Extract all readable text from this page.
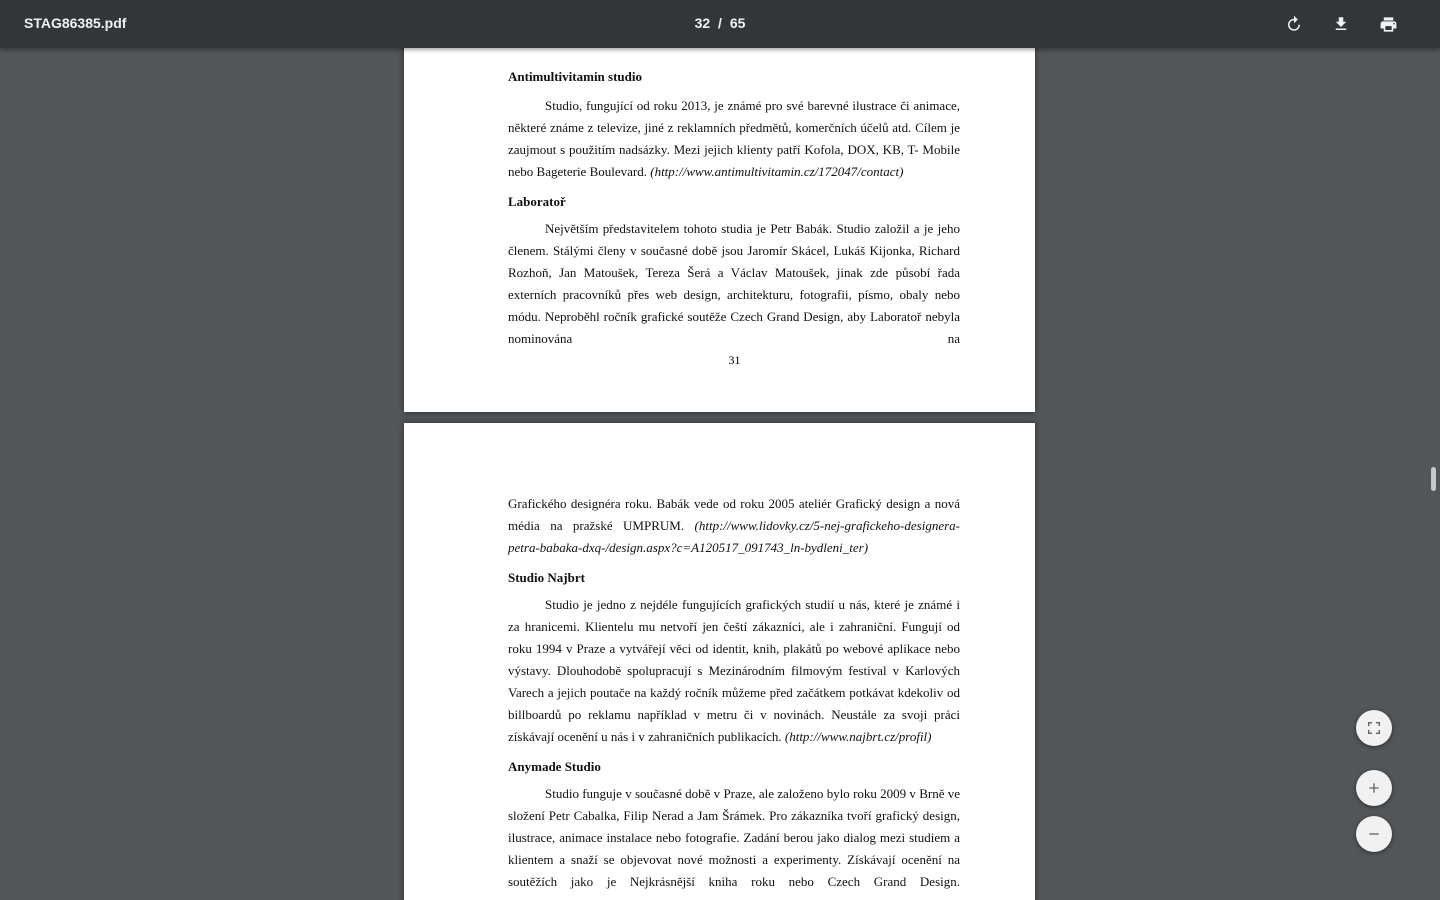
STAG86385.pdf	32 / 65

Antimultivitamin studio

Studio, fungující od roku 2013, je známé pro své barevné ilustrace či animace, některé známe z televize, jiné z reklamních předmětů, komerčních účelů atd. Cílem je zaujmout s použitím nadsázky. Mezi jejich klienty patří Kofola, DOX, KB, T- Mobile nebo Bageterie Boulevard. (http://www.antimultivitamin.cz/172047/contact)

Laboratoř

Největším představitelem tohoto studia je Petr Babák. Studio založil a je jeho členem. Stálými členy v současné době jsou Jaromír Skácel, Lukáš Kijonka, Richard Rozhoň, Jan Matoušek, Tereza Šerá a Václav Matoušek, jinak zde působí řada externích pracovníků přes web design, architekturu, fotografii, písmo, obaly nebo módu. Neproběhl ročník grafické soutěže Czech Grand Design, aby Laboratoř nebyla nominována na

31

Grafického designéra roku. Babák vede od roku 2005 ateliér Grafický design a nová média na pražské UMPRUM. (http://www.lidovky.cz/5-nej-grafickeho-designera-petra-babaka-dxq-/design.aspx?c=A120517_091743_ln-bydleni_ter)

Studio Najbrt

Studio je jedno z nejdéle fungujících grafických studií u nás, které je známé i za hranicemi. Klientelu mu netvoří jen čeští zákazníci, ale i zahraniční. Fungují od roku 1994 v Praze a vytvářejí věci od identit, knih, plakátů po webové aplikace nebo výstavy. Dlouhodobě spolupracují s Mezinárodním filmovým festival v Karlových Varech a jejich poutače na každý ročník můžeme před začátkem potkávat kdekoliv od billboardů po reklamu například v metru či v novinách. Neustále za svoji práci získávají ocenění u nás i v zahraničních publikacích. (http://www.najbrt.cz/profil)

Anymade Studio

Studio funguje v současné době v Praze, ale založeno bylo roku 2009 v Brně ve složení Petr Cabalka, Filip Nerad a Jam Šrámek. Pro zákazníka tvoří grafický design, ilustrace, animace instalace nebo fotografie. Zadání berou jako dialog mezi studiem a klientem a snaží se objevovat nové možnosti a experimenty. Získávají ocenění na soutěžích jako je Nejkrásnější kniha roku nebo Czech Grand Design.
